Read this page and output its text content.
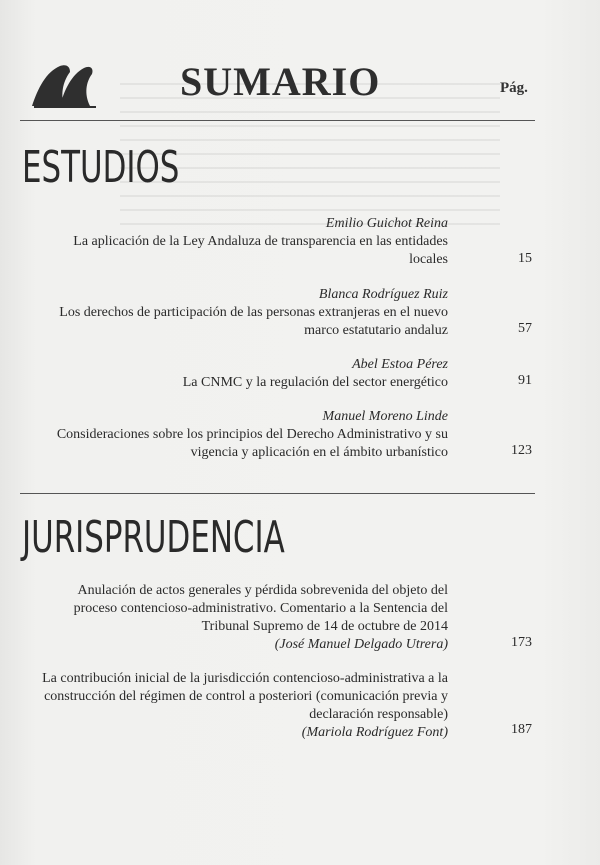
SUMARIO	Pág.
ESTUDIOS
Emilio Guichot Reina
La aplicación de la Ley Andaluza de transparencia en las entidades
locales	15
Blanca Rodríguez Ruiz
Los derechos de participación de las personas extranjeras en el nuevo
marco estatutario andaluz	57
Abel Estoa Pérez
La CNMC y la regulación del sector energético	91
Manuel Moreno Linde
Consideraciones sobre los principios del Derecho Administrativo y su
vigencia y aplicación en el ámbito urbanístico	123
JURISPRUDENCIA
Anulación de actos generales y pérdida sobrevenida del objeto del
proceso contencioso-administrativo. Comentario a la Sentencia del
Tribunal Supremo de 14 de octubre de 2014
(José Manuel Delgado Utrera)	173
La contribución inicial de la jurisdicción contencioso-administrativa a la
construcción del régimen de control a posteriori (comunicación previa y
declaración responsable)
(Mariola Rodríguez Font)	187
